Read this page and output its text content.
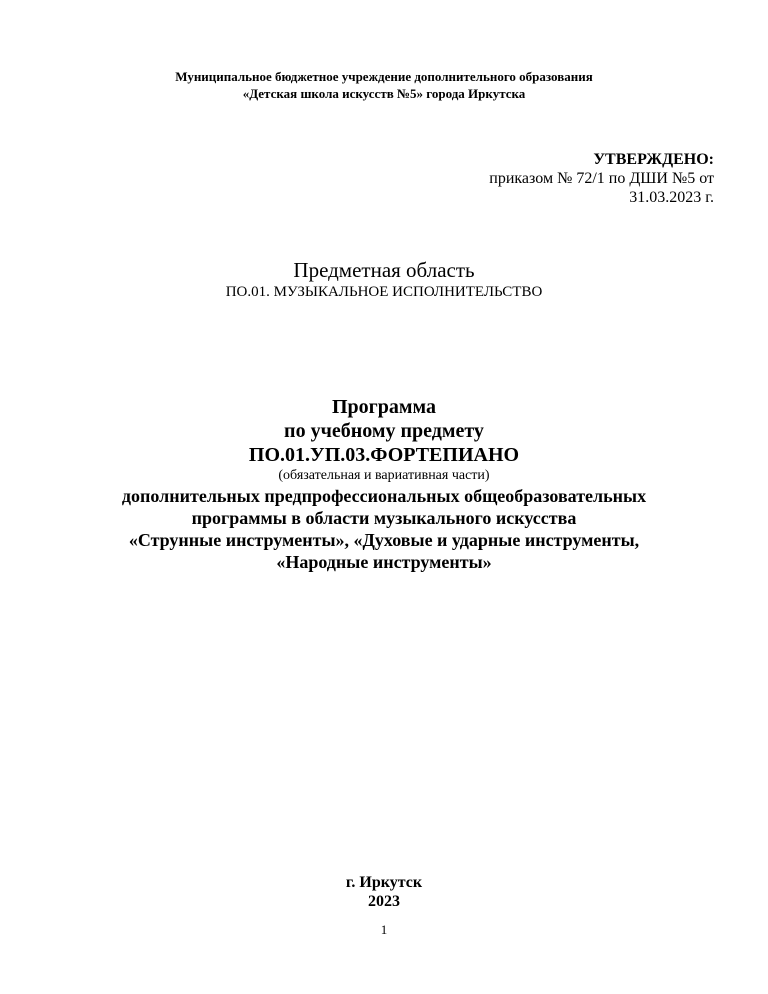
Муниципальное бюджетное учреждение дополнительного образования
«Детская школа искусств №5» города Иркутска
УТВЕРЖДЕНО:
приказом № 72/1 по ДШИ №5 от
31.03.2023 г.
Предметная область
ПО.01. МУЗЫКАЛЬНОЕ ИСПОЛНИТЕЛЬСТВО
Программа
по учебному предмету
ПО.01.УП.03.ФОРТЕПИАНО
(обязательная и вариативная части)
дополнительных предпрофессиональных общеобразовательных
программы в области музыкального искусства
«Струнные инструменты», «Духовые и ударные инструменты,
«Народные инструменты»
г. Иркутск
2023
1
